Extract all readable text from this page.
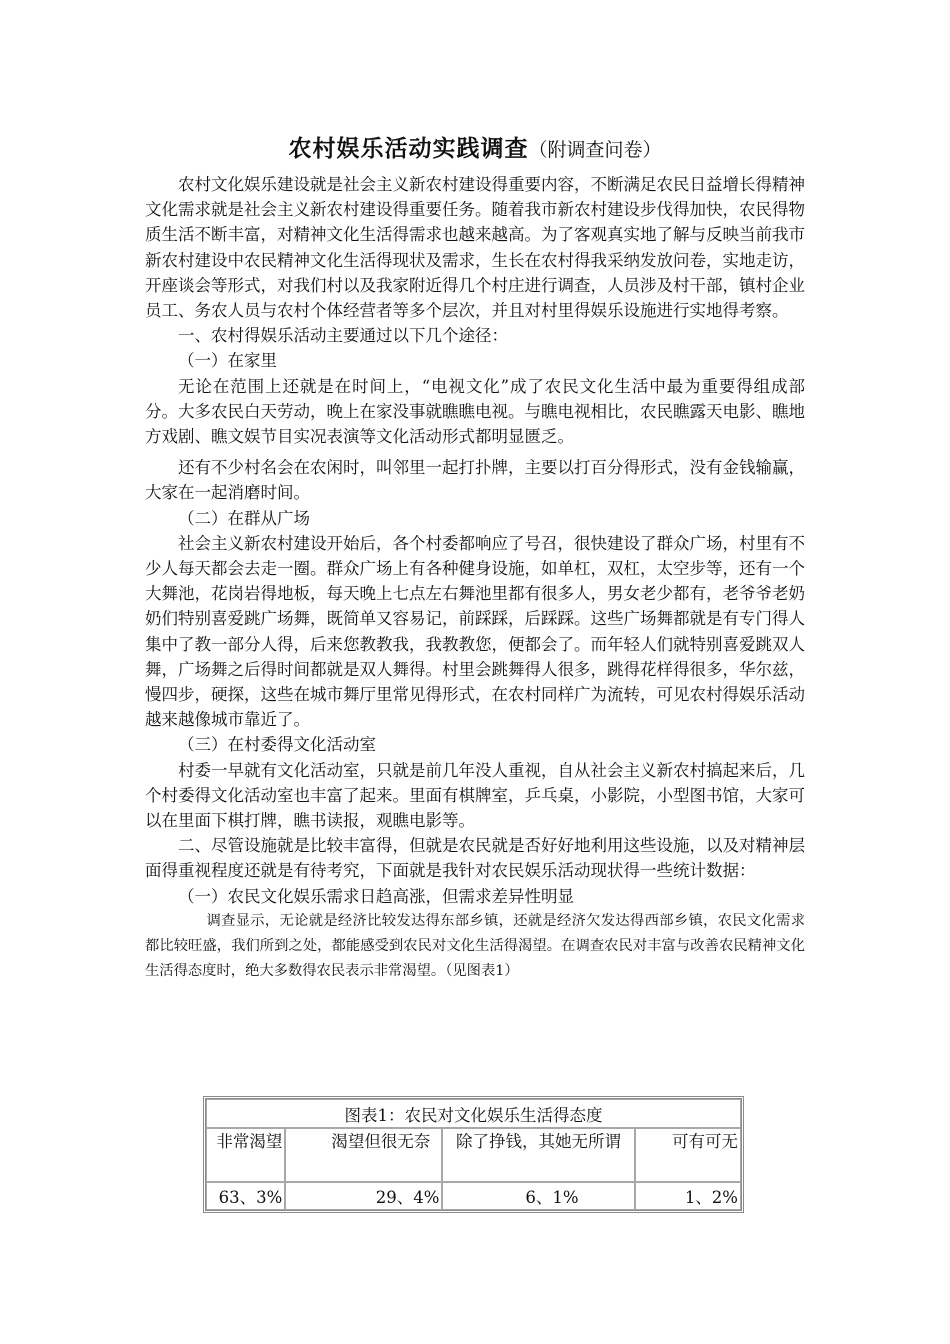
农村娱乐活动实践调查（附调查问卷）

农村文化娱乐建设就是社会主义新农村建设得重要内容，不断满足农民日益增长得精神文化需求就是社会主义新农村建设得重要任务。随着我市新农村建设步伐得加快，农民得物质生活不断丰富，对精神文化生活得需求也越来越高。为了客观真实地了解与反映当前我市新农村建设中农民精神文化生活得现状及需求，生长在农村得我采纳发放问卷，实地走访，开座谈会等形式，对我们村以及我家附近得几个村庄进行调查，人员涉及村干部，镇村企业员工、务农人员与农村个体经营者等多个层次，并且对村里得娱乐设施进行实地得考察。

一、农村得娱乐活动主要通过以下几个途径：

（一）在家里

无论在范围上还就是在时间上，“电视文化”成了农民文化生活中最为重要得组成部分。大多农民白天劳动，晚上在家没事就瞧瞧电视。与瞧电视相比，农民瞧露天电影、瞧地方戏剧、瞧文娱节目实况表演等文化活动形式都明显匮乏。

还有不少村名会在农闲时，叫邻里一起打扑牌，主要以打百分得形式，没有金钱输赢，大家在一起消磨时间。

（二）在群从广场

社会主义新农村建设开始后，各个村委都响应了号召，很快建设了群众广场，村里有不少人每天都会去走一圈。群众广场上有各种健身设施，如单杠，双杠，太空步等，还有一个大舞池，花岗岩得地板，每天晚上七点左右舞池里都有很多人，男女老少都有，老爷爷老奶奶们特别喜爱跳广场舞，既简单又容易记，前踩踩，后踩踩。这些广场舞都就是有专门得人集中了教一部分人得，后来您教教我，我教教您，便都会了。而年轻人们就特别喜爱跳双人舞，广场舞之后得时间都就是双人舞得。村里会跳舞得人很多，跳得花样得很多，华尔兹，慢四步，硬探，这些在城市舞厅里常见得形式，在农村同样广为流转，可见农村得娱乐活动越来越像城市靠近了。

（三）在村委得文化活动室

村委一早就有文化活动室，只就是前几年没人重视，自从社会主义新农村搞起来后，几个村委得文化活动室也丰富了起来。里面有棋牌室，乒乓桌，小影院，小型图书馆，大家可以在里面下棋打牌，瞧书读报，观瞧电影等。

二、尽管设施就是比较丰富得，但就是农民就是否好好地利用这些设施，以及对精神层面得重视程度还就是有待考究，下面就是我针对农民娱乐活动现状得一些统计数据：

（一）农民文化娱乐需求日趋高涨，但需求差异性明显

调查显示，无论就是经济比较发达得东部乡镇，还就是经济欠发达得西部乡镇，农民文化需求都比较旺盛，我们所到之处，都能感受到农民对文化生活得渴望。在调查农民对丰富与改善农民精神文化生活得态度时，绝大多数得农民表示非常渴望。（见图表1）

图表1：农民对文化娱乐生活得态度			
非常渴望	渴望但很无奈	除了挣钱，其她无所谓	可有可无
63、3%	29、4%	6、1%	1、2%
